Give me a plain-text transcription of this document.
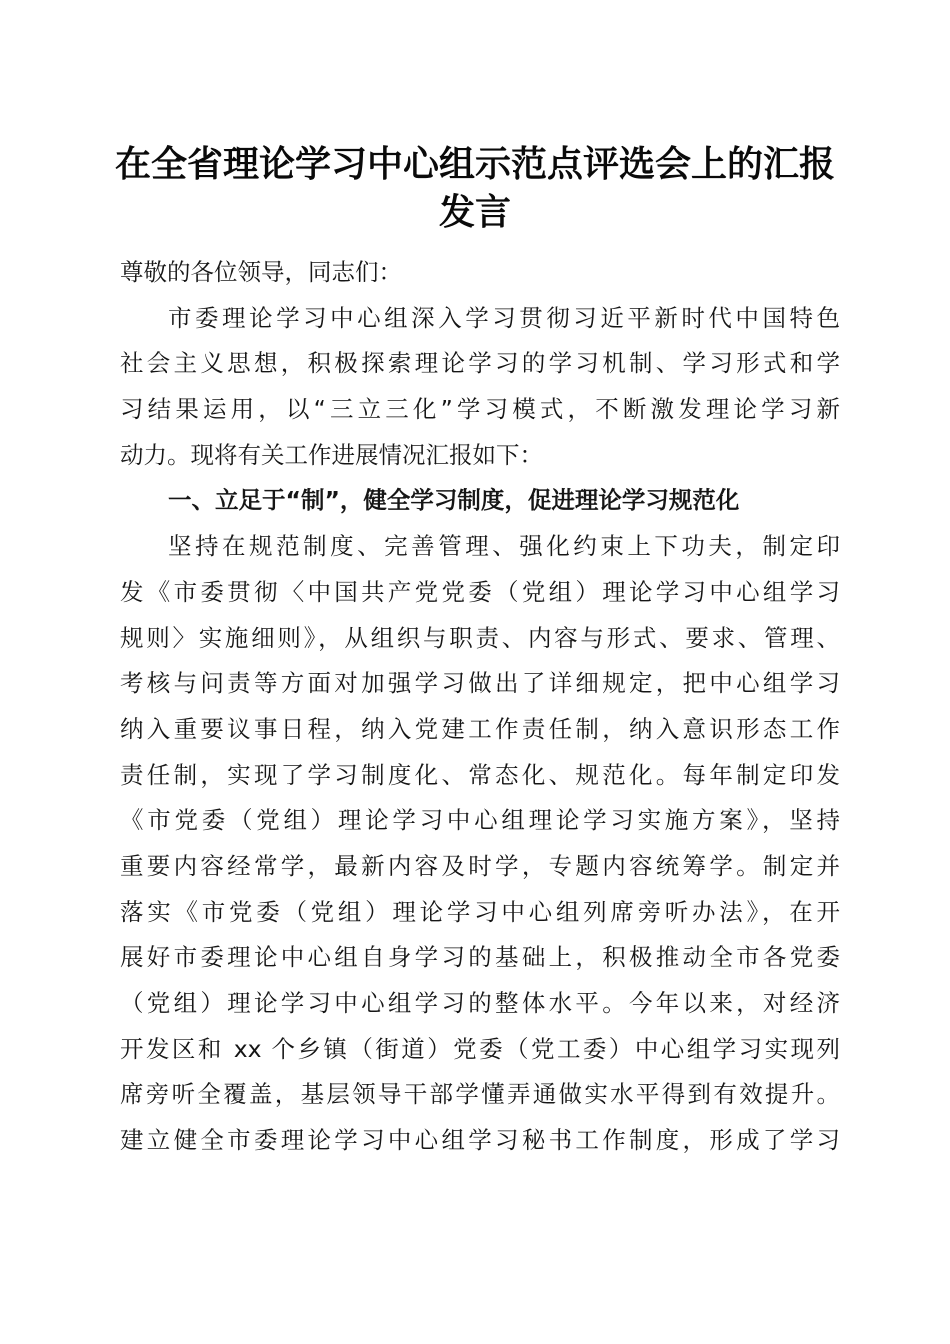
在全省理论学习中心组示范点评选会上的汇报
发言
尊敬的各位领导，同志们：
市委理论学习中心组深入学习贯彻习近平新时代中国特色
社会主义思想，积极探索理论学习的学习机制、学习形式和学
习结果运用，以“三立三化”学习模式，不断激发理论学习新
动力。现将有关工作进展情况汇报如下：
一、立足于“制”，健全学习制度，促进理论学习规范化
坚持在规范制度、完善管理、强化约束上下功夫，制定印
发《市委贯彻〈中国共产党党委（党组）理论学习中心组学习
规则〉实施细则》，从组织与职责、内容与形式、要求、管理、
考核与问责等方面对加强学习做出了详细规定，把中心组学习
纳入重要议事日程，纳入党建工作责任制，纳入意识形态工作
责任制，实现了学习制度化、常态化、规范化。每年制定印发
《市党委（党组）理论学习中心组理论学习实施方案》，坚持
重要内容经常学，最新内容及时学，专题内容统筹学。制定并
落实《市党委（党组）理论学习中心组列席旁听办法》，在开
展好市委理论中心组自身学习的基础上，积极推动全市各党委
（党组）理论学习中心组学习的整体水平。今年以来，对经济
开发区和 xx 个乡镇（街道）党委（党工委）中心组学习实现列
席旁听全覆盖，基层领导干部学懂弄通做实水平得到有效提升。
建立健全市委理论学习中心组学习秘书工作制度，形成了学习
